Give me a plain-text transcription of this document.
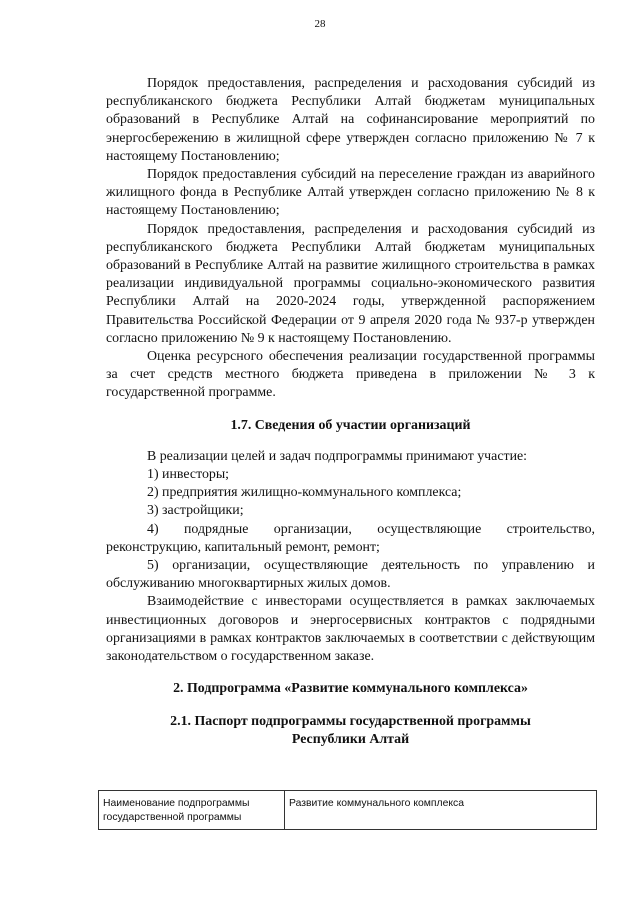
28

Порядок предоставления, распределения и расходования субсидий из республиканского бюджета Республики Алтай бюджетам муниципальных образований в Республике Алтай на софинансирование мероприятий по энергосбережению в жилищной сфере утвержден согласно приложению № 7 к настоящему Постановлению;

Порядок предоставления субсидий на переселение граждан из аварийного жилищного фонда в Республике Алтай утвержден согласно приложению № 8 к настоящему Постановлению;

Порядок предоставления, распределения и расходования субсидий из республиканского бюджета Республики Алтай бюджетам муниципальных образований в Республике Алтай на развитие жилищного строительства в рамках реализации индивидуальной программы социально-экономического развития Республики Алтай на 2020-2024 годы, утвержденной распоряжением Правительства Российской Федерации от 9 апреля 2020 года № 937-р утвержден согласно приложению № 9 к настоящему Постановлению.

Оценка ресурсного обеспечения реализации государственной программы за счет средств местного бюджета приведена в приложении № 3 к государственной программе.

1.7. Сведения об участии организаций

В реализации целей и задач подпрограммы принимают участие:

1) инвесторы;

2) предприятия жилищно-коммунального комплекса;

3) застройщики;

4) подрядные организации, осуществляющие строительство, реконструкцию, капитальный ремонт, ремонт;

5) организации, осуществляющие деятельность по управлению и обслуживанию многоквартирных жилых домов.

Взаимодействие с инвесторами осуществляется в рамках заключаемых инвестиционных договоров и энергосервисных контрактов с подрядными организациями в рамках контрактов заключаемых в соответствии с действующим законодательством о государственном заказе.

2. Подпрограмма «Развитие коммунального комплекса»
2.1. Паспорт подпрограммы государственной программы
Республики Алтай
Наименование подпрограммы государственной программы	Развитие коммунального комплекса
